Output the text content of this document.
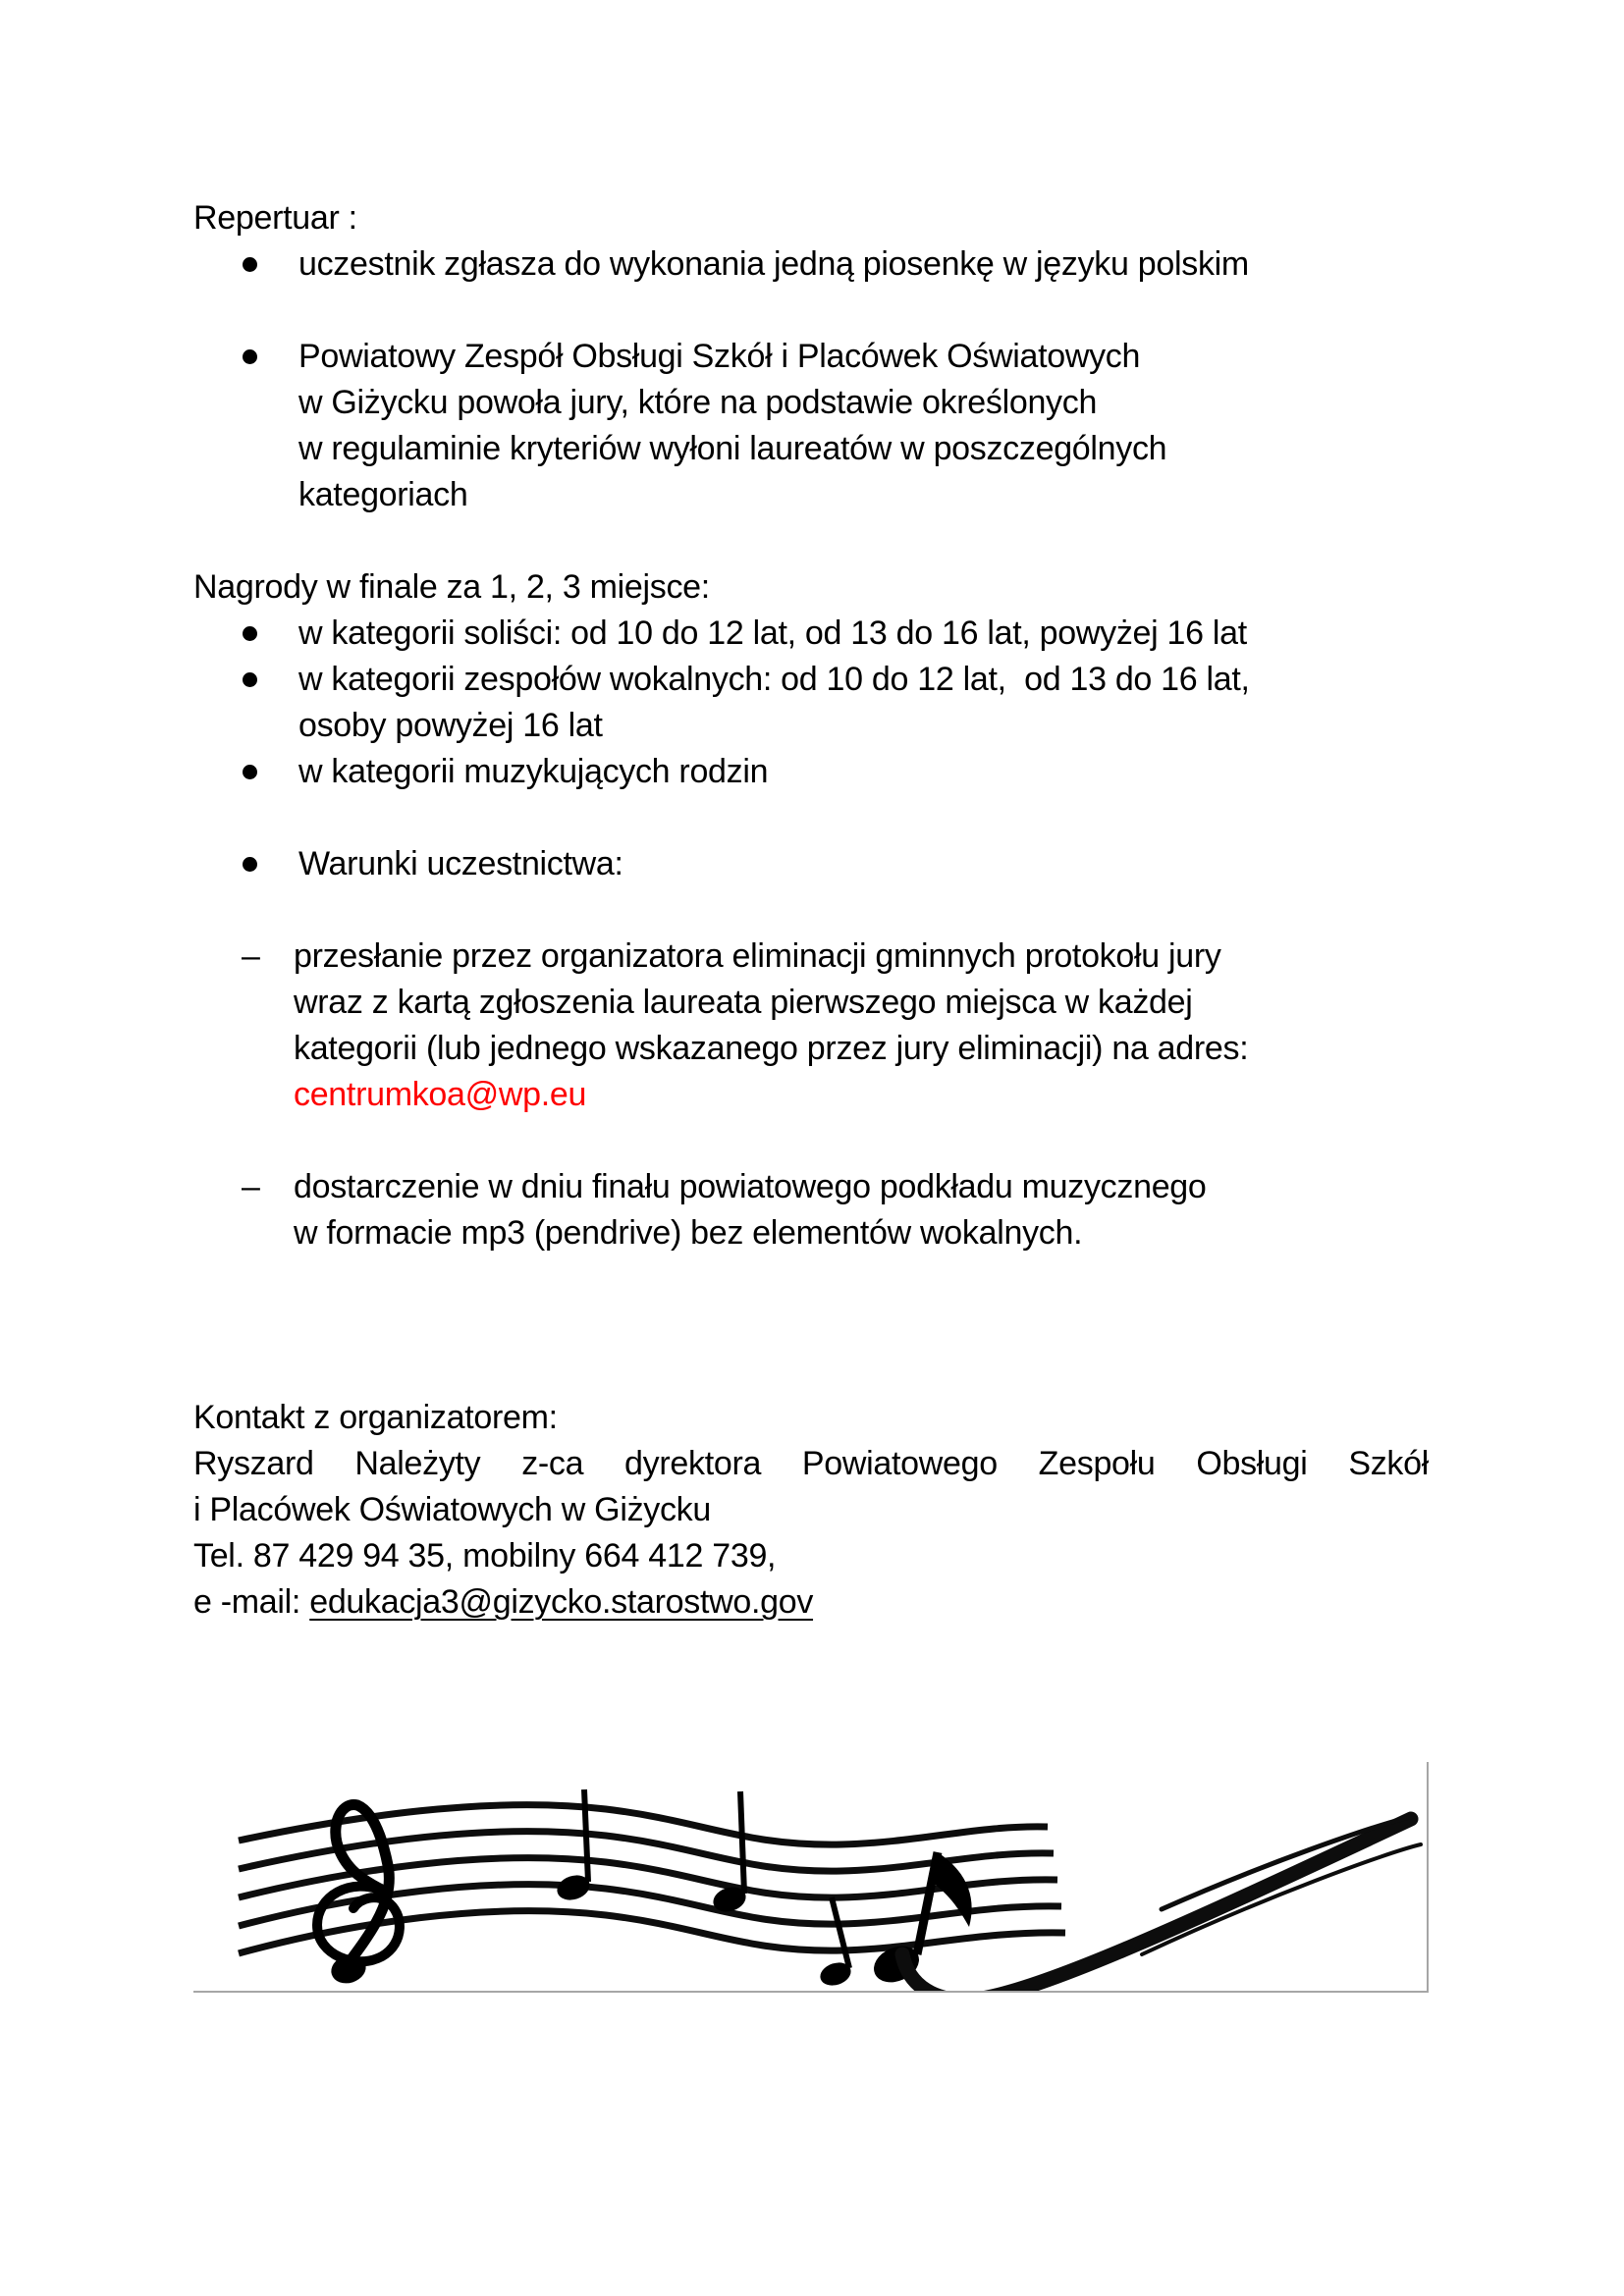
Repertuar :
uczestnik zgłasza do wykonania jedną piosenkę w języku polskim
Powiatowy Zespół Obsługi Szkół i Placówek Oświatowych
w Giżycku powoła jury, które na podstawie określonych
w regulaminie kryteriów wyłoni laureatów w poszczególnych
kategoriach
Nagrody w finale za 1, 2, 3 miejsce:
w kategorii soliści: od 10 do 12 lat, od 13 do 16 lat, powyżej 16 lat
w kategorii zespołów wokalnych: od 10 do 12 lat,  od 13 do 16 lat,
osoby powyżej 16 lat
w kategorii muzykujących rodzin
Warunki uczestnictwa:
– przesłanie przez organizatora eliminacji gminnych protokołu jury
wraz z kartą zgłoszenia laureata pierwszego miejsca w każdej
kategorii (lub jednego wskazanego przez jury eliminacji) na adres:
centrumkoa@wp.eu
– dostarczenie w dniu finału powiatowego podkładu muzycznego
w formacie mp3 (pendrive) bez elementów wokalnych.
Kontakt z organizatorem:
Ryszard Należyty z-ca dyrektora Powiatowego Zespołu Obsługi Szkół
i Placówek Oświatowych w Giżycku
Tel. 87 429 94 35, mobilny 664 412 739,
e -mail: edukacja3@gizycko.starostwo.gov
